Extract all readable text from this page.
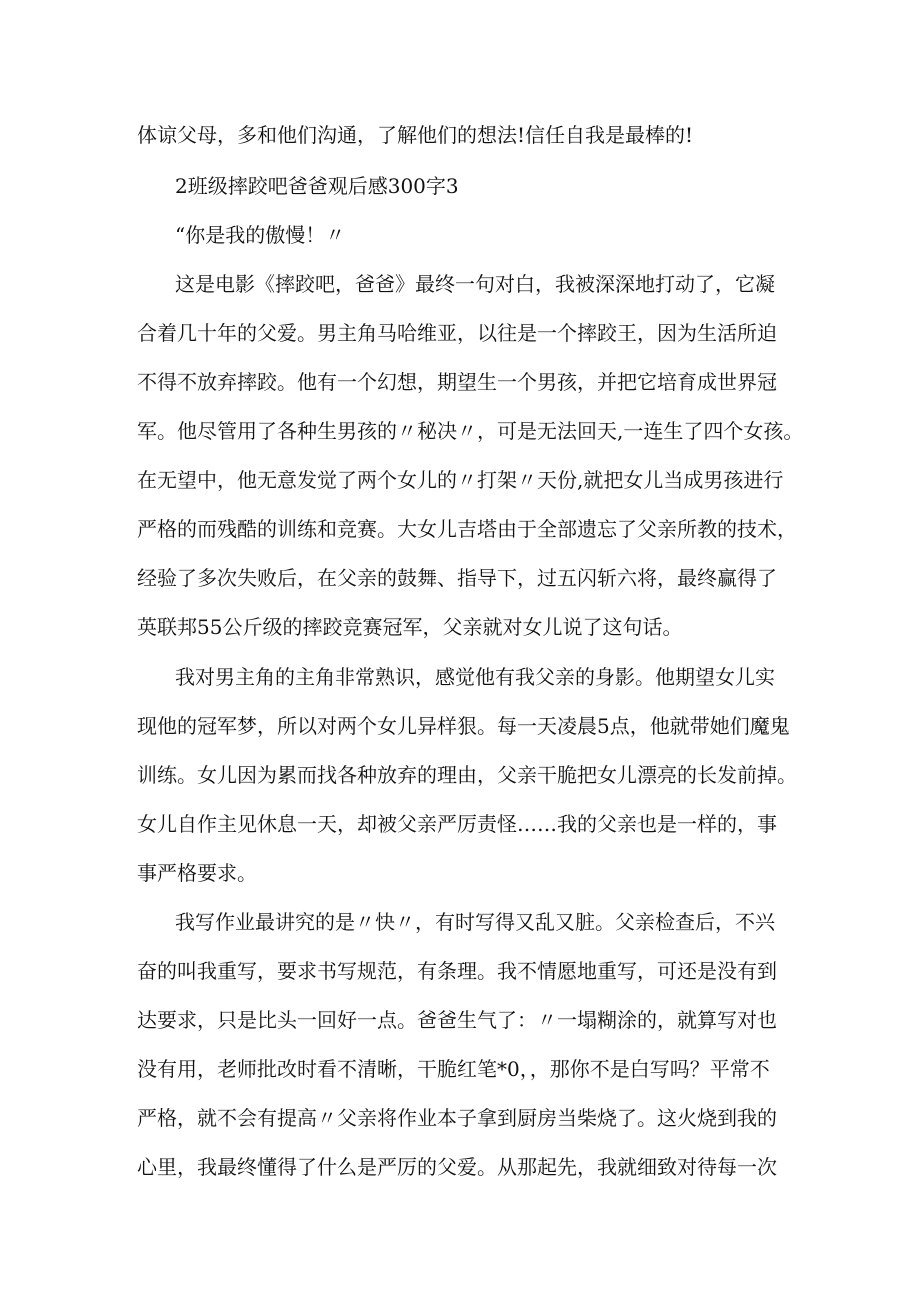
体谅父母，多和他们沟通，了解他们的想法!信任自我是最棒的!
2班级摔跤吧爸爸观后感300字3
“你是我的傲慢！〃
这是电影《摔跤吧，爸爸》最终一句对白，我被深深地打动了，它凝
合着几十年的父爱。男主角马哈维亚，以往是一个摔跤王，因为生活所迫
不得不放弃摔跤。他有一个幻想，期望生一个男孩，并把它培育成世界冠
军。他尽管用了各种生男孩的〃秘决〃，可是无法回天,一连生了四个女孩。
在无望中，他无意发觉了两个女儿的〃打架〃天份,就把女儿当成男孩进行
严格的而残酷的训练和竞赛。大女儿吉塔由于全部遗忘了父亲所教的技术，
经验了多次失败后，在父亲的鼓舞、指导下，过五闪斩六将，最终赢得了
英联邦55公斤级的摔跤竞赛冠军，父亲就对女儿说了这句话。
我对男主角的主角非常熟识，感觉他有我父亲的身影。他期望女儿实
现他的冠军梦，所以对两个女儿异样狠。每一天凌晨5点，他就带她们魔鬼
训练。女儿因为累而找各种放弃的理由，父亲干脆把女儿漂亮的长发前掉。
女儿自作主见休息一天，却被父亲严厉责怪……我的父亲也是一样的，事
事严格要求。
我写作业最讲究的是〃快〃，有时写得又乱又脏。父亲检查后，不兴
奋的叫我重写，要求书写规范，有条理。我不情愿地重写，可还是没有到
达要求，只是比头一回好一点。爸爸生气了：〃一塌糊涂的，就算写对也
没有用，老师批改时看不清晰，干脆红笔*0，，那你不是白写吗？平常不
严格，就不会有提高〃父亲将作业本子拿到厨房当柴烧了。这火烧到我的
心里，我最终懂得了什么是严厉的父爱。从那起先，我就细致对待每一次
